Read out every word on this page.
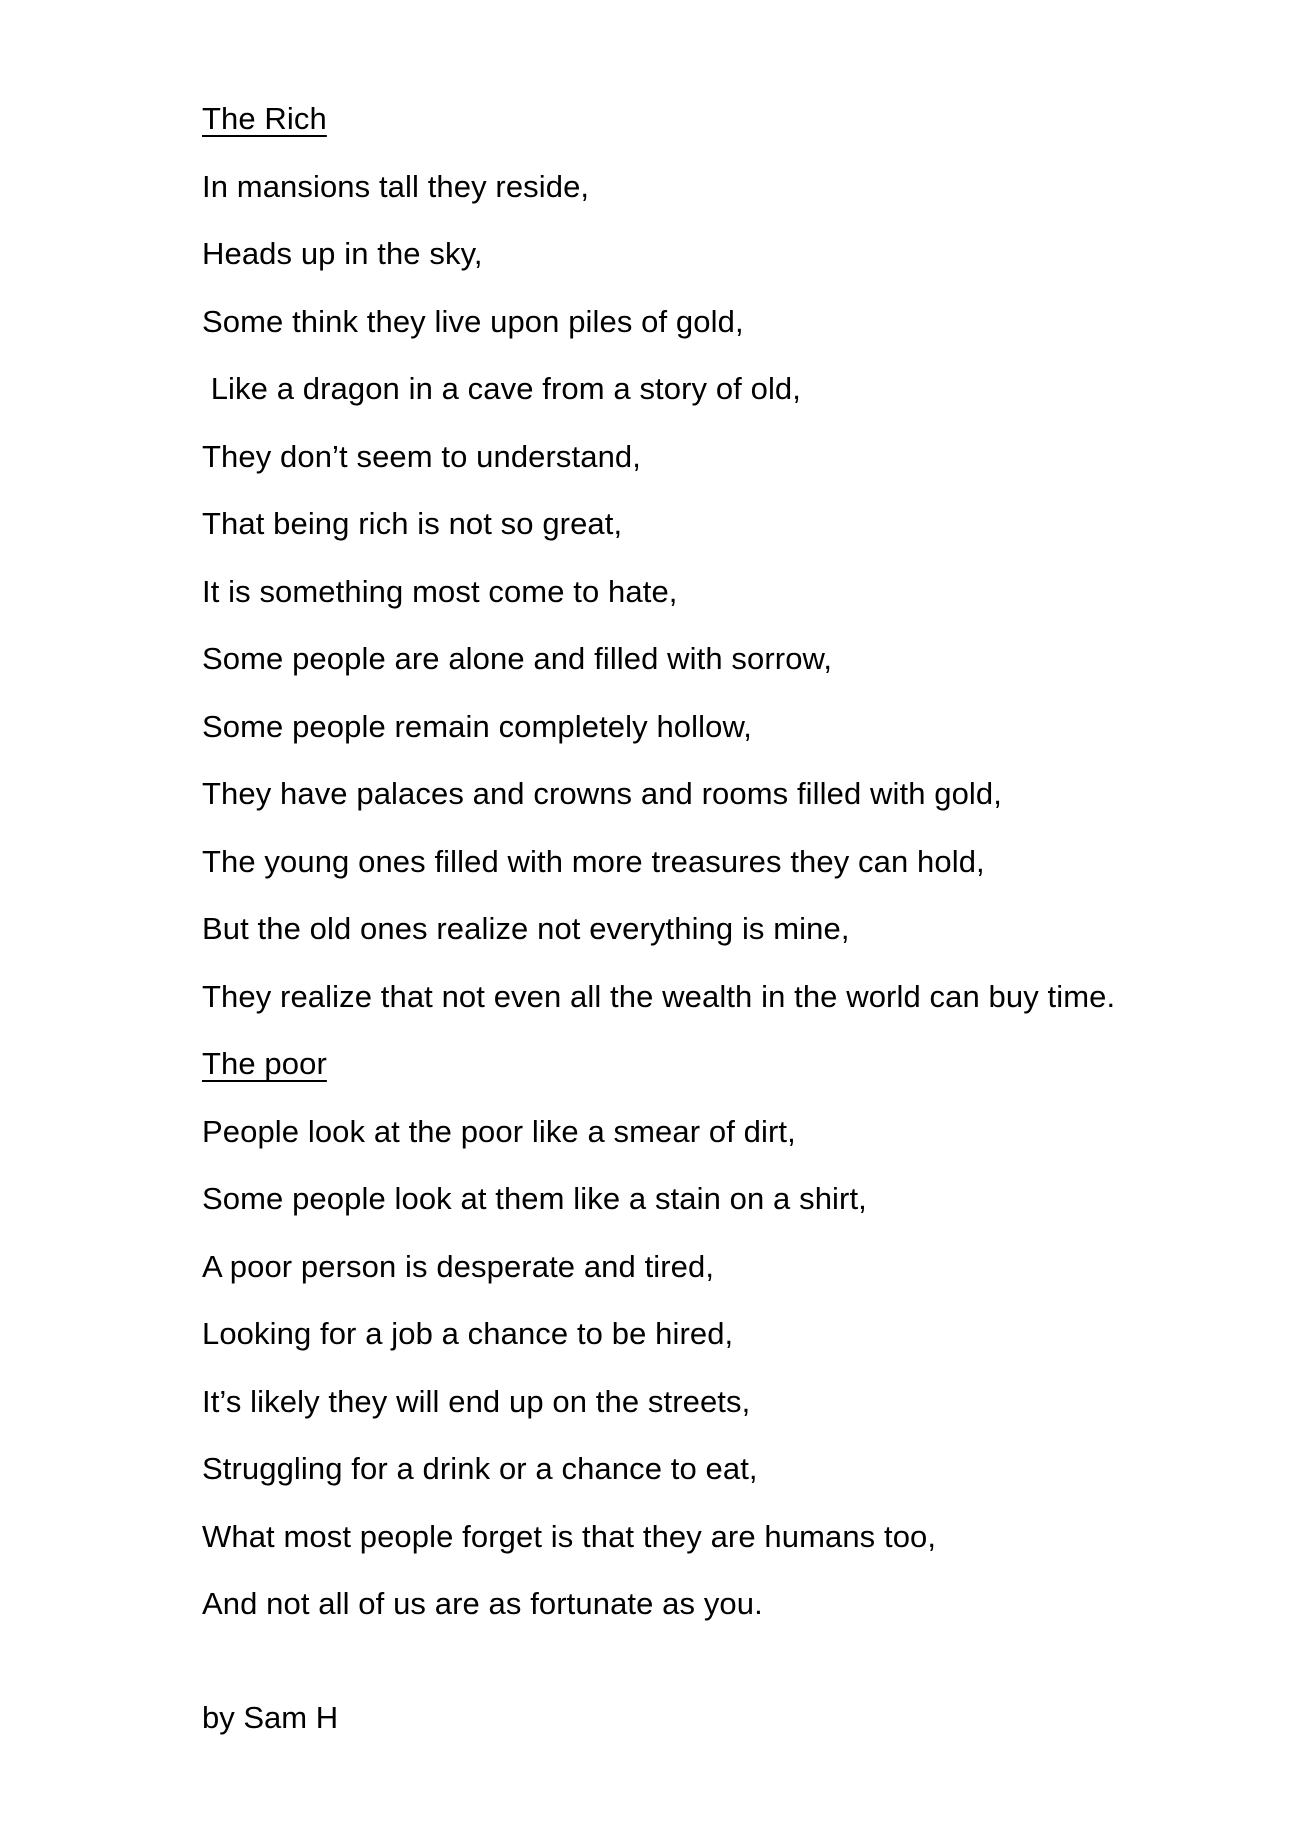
The Rich
In mansions tall they reside,
Heads up in the sky,
Some think they live upon piles of gold,
Like a dragon in a cave from a story of old,
They don’t seem to understand,
That being rich is not so great,
It is something most come to hate,
Some people are alone and filled with sorrow,
Some people remain completely hollow,
They have palaces and crowns and rooms filled with gold,
The young ones filled with more treasures they can hold,
But the old ones realize not everything is mine,
They realize that not even all the wealth in the world can buy time.
The poor
People look at the poor like a smear of dirt,
Some people look at them like a stain on a shirt,
A poor person is desperate and tired,
Looking for a job a chance to be hired,
It’s likely they will end up on the streets,
Struggling for a drink or a chance to eat,
What most people forget is that they are humans too,
And not all of us are as fortunate as you.
by Sam H
